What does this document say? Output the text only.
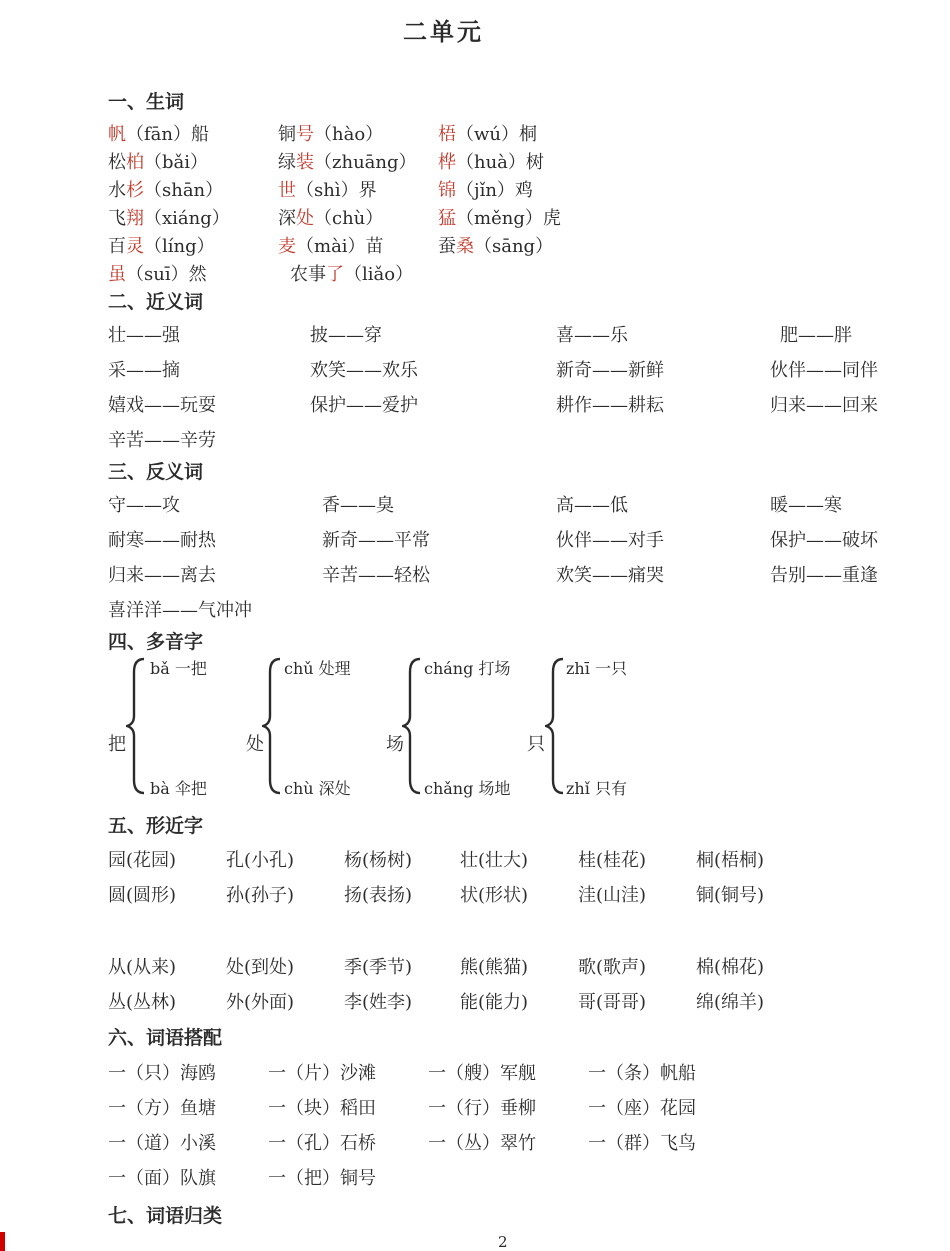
二单元
一、生词
帆（fān）船	铜号（hào）	梧（wú）桐
松柏（bǎi）	绿装（zhuāng） 桦（huà）树
水杉（shān）	世（shì）界	锦（jǐn）鸡
飞翔（xiáng）	深处（chù）	猛（měng）虎
百灵（líng）	麦（mài）苗	蚕桑（sāng）
虽（suī）然	农事了（liǎo）
二、近义词
壮——强	披——穿	喜——乐	肥——胖
采——摘	欢笑——欢乐	新奇——新鲜	伙伴——同伴
嬉戏——玩耍	保护——爱护	耕作——耕耘	归来——回来
辛苦——辛劳
三、反义词
守——攻	香——臭	高——低	暖——寒
耐寒——耐热	新奇——平常	伙伴——对手	保护——破坏
归来——离去	辛苦——轻松	欢笑——痛哭	告别——重逢
喜洋洋——气冲冲
四、多音字
把
bǎ 一把
bà 伞把
处
chǔ 处理
chù 深处
场
cháng 打场
chǎng 场地
只
zhī 一只
zhǐ 只有
五、形近字
园(花园)	孔(小孔)	杨(杨树)	壮(壮大)	桂(桂花)	桐(梧桐)
圆(圆形)	孙(孙子)	扬(表扬)	状(形状)	洼(山洼)	铜(铜号)
从(从来)	处(到处)	季(季节)	熊(熊猫)	歌(歌声)	棉(棉花)
丛(丛林)	外(外面)	李(姓李)	能(能力)	哥(哥哥)	绵(绵羊)
六、词语搭配
一（只）海鸥	一（片）沙滩	一（艘）军舰	一（条）帆船
一（方）鱼塘	一（块）稻田	一（行）垂柳	一（座）花园
一（道）小溪	一（孔）石桥	一（丛）翠竹	一（群）飞鸟
一（面）队旗	一（把）铜号
七、词语归类
2
